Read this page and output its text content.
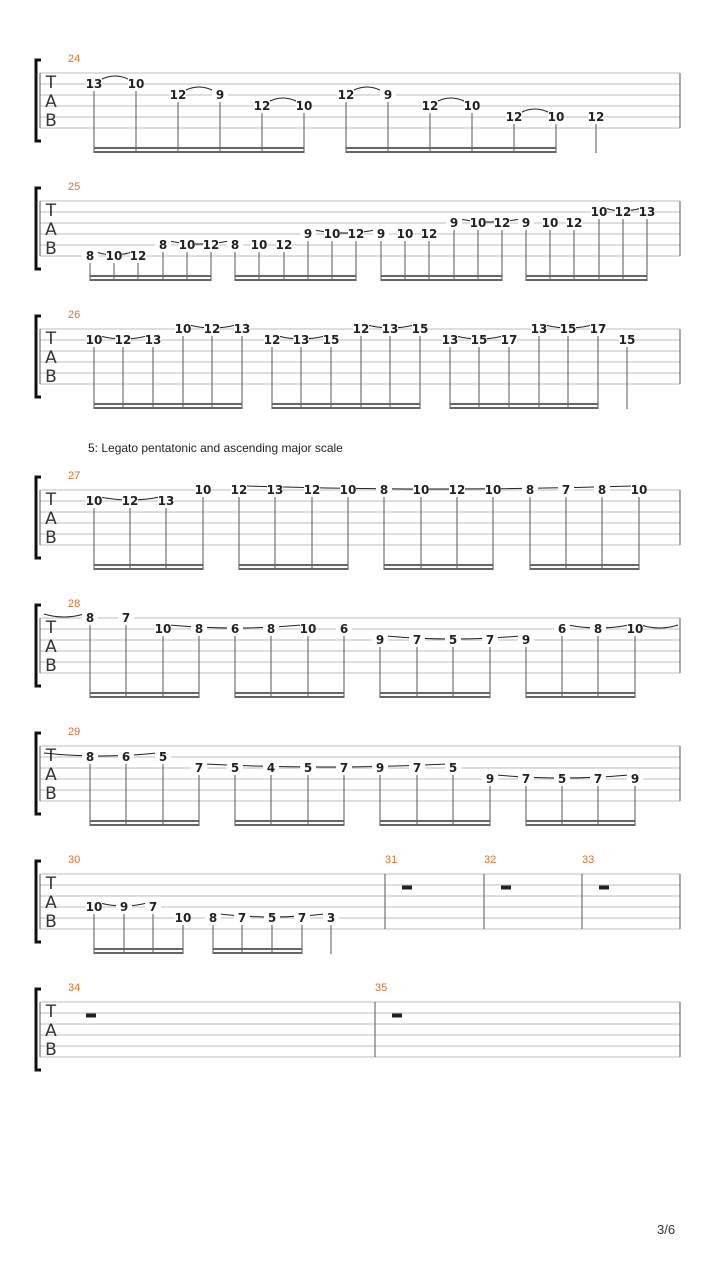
T
A
B
24
13 10
12 9
12 10
12 9
12 10
12 10 12
T
A
B
25
8 10 12
8 10 12 8 10 12
9 10 12 9 10 12
9 10 12 9 10 12
10 12 13
T
A
B
26
10 12 13
10 12 13
12 13 15
12 13 15
13 15 17
13 15 17
15
T
A
B
27
5: Legato pentatonic and ascending major scale
10 12 13
10 12 13 12 10 8 10 12 10 8 7 8 10
T
A
B
28
8 7
10 8 6 8 10 6
9 7 5 7 9
6 8 10
T
A
B
29
8 6 5
7 5 4 5 7 9 7 5
9 7 5 7 9
T
A
B
30	31	32	33
10 9 7
10 8 7 5 7 3
T
A
B
34	35
3/6
